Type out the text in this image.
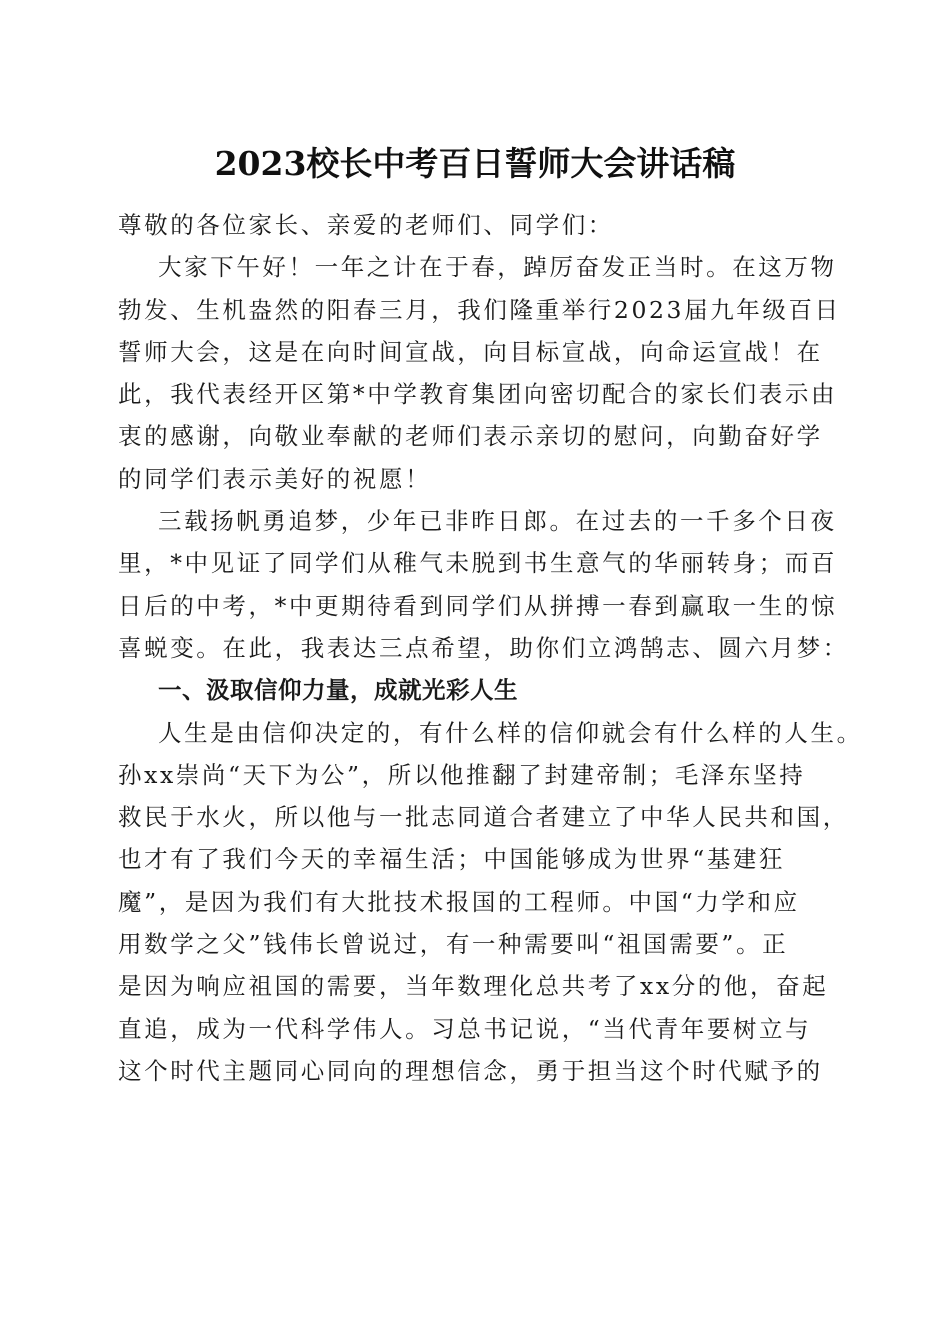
2023校长中考百日誓师大会讲话稿
尊敬的各位家长、亲爱的老师们、同学们：
大家下午好！一年之计在于春，踔厉奋发正当时。在这万物
勃发、生机盎然的阳春三月，我们隆重举行2023届九年级百日
誓师大会，这是在向时间宣战，向目标宣战，向命运宣战！在
此，我代表经开区第*中学教育集团向密切配合的家长们表示由
衷的感谢，向敬业奉献的老师们表示亲切的慰问，向勤奋好学
的同学们表示美好的祝愿！
三载扬帆勇追梦，少年已非昨日郎。在过去的一千多个日夜
里，*中见证了同学们从稚气未脱到书生意气的华丽转身；而百
日后的中考，*中更期待看到同学们从拼搏一春到赢取一生的惊
喜蜕变。在此，我表达三点希望，助你们立鸿鹄志、圆六月梦：
一、汲取信仰力量，成就光彩人生
人生是由信仰决定的，有什么样的信仰就会有什么样的人生。
孙xx崇尚“天下为公”，所以他推翻了封建帝制；毛泽东坚持
救民于水火，所以他与一批志同道合者建立了中华人民共和国，
也才有了我们今天的幸福生活；中国能够成为世界“基建狂
魔”，是因为我们有大批技术报国的工程师。中国“力学和应
用数学之父”钱伟长曾说过，有一种需要叫“祖国需要”。正
是因为响应祖国的需要，当年数理化总共考了xx分的他，奋起
直追，成为一代科学伟人。习总书记说，“当代青年要树立与
这个时代主题同心同向的理想信念，勇于担当这个时代赋予的
